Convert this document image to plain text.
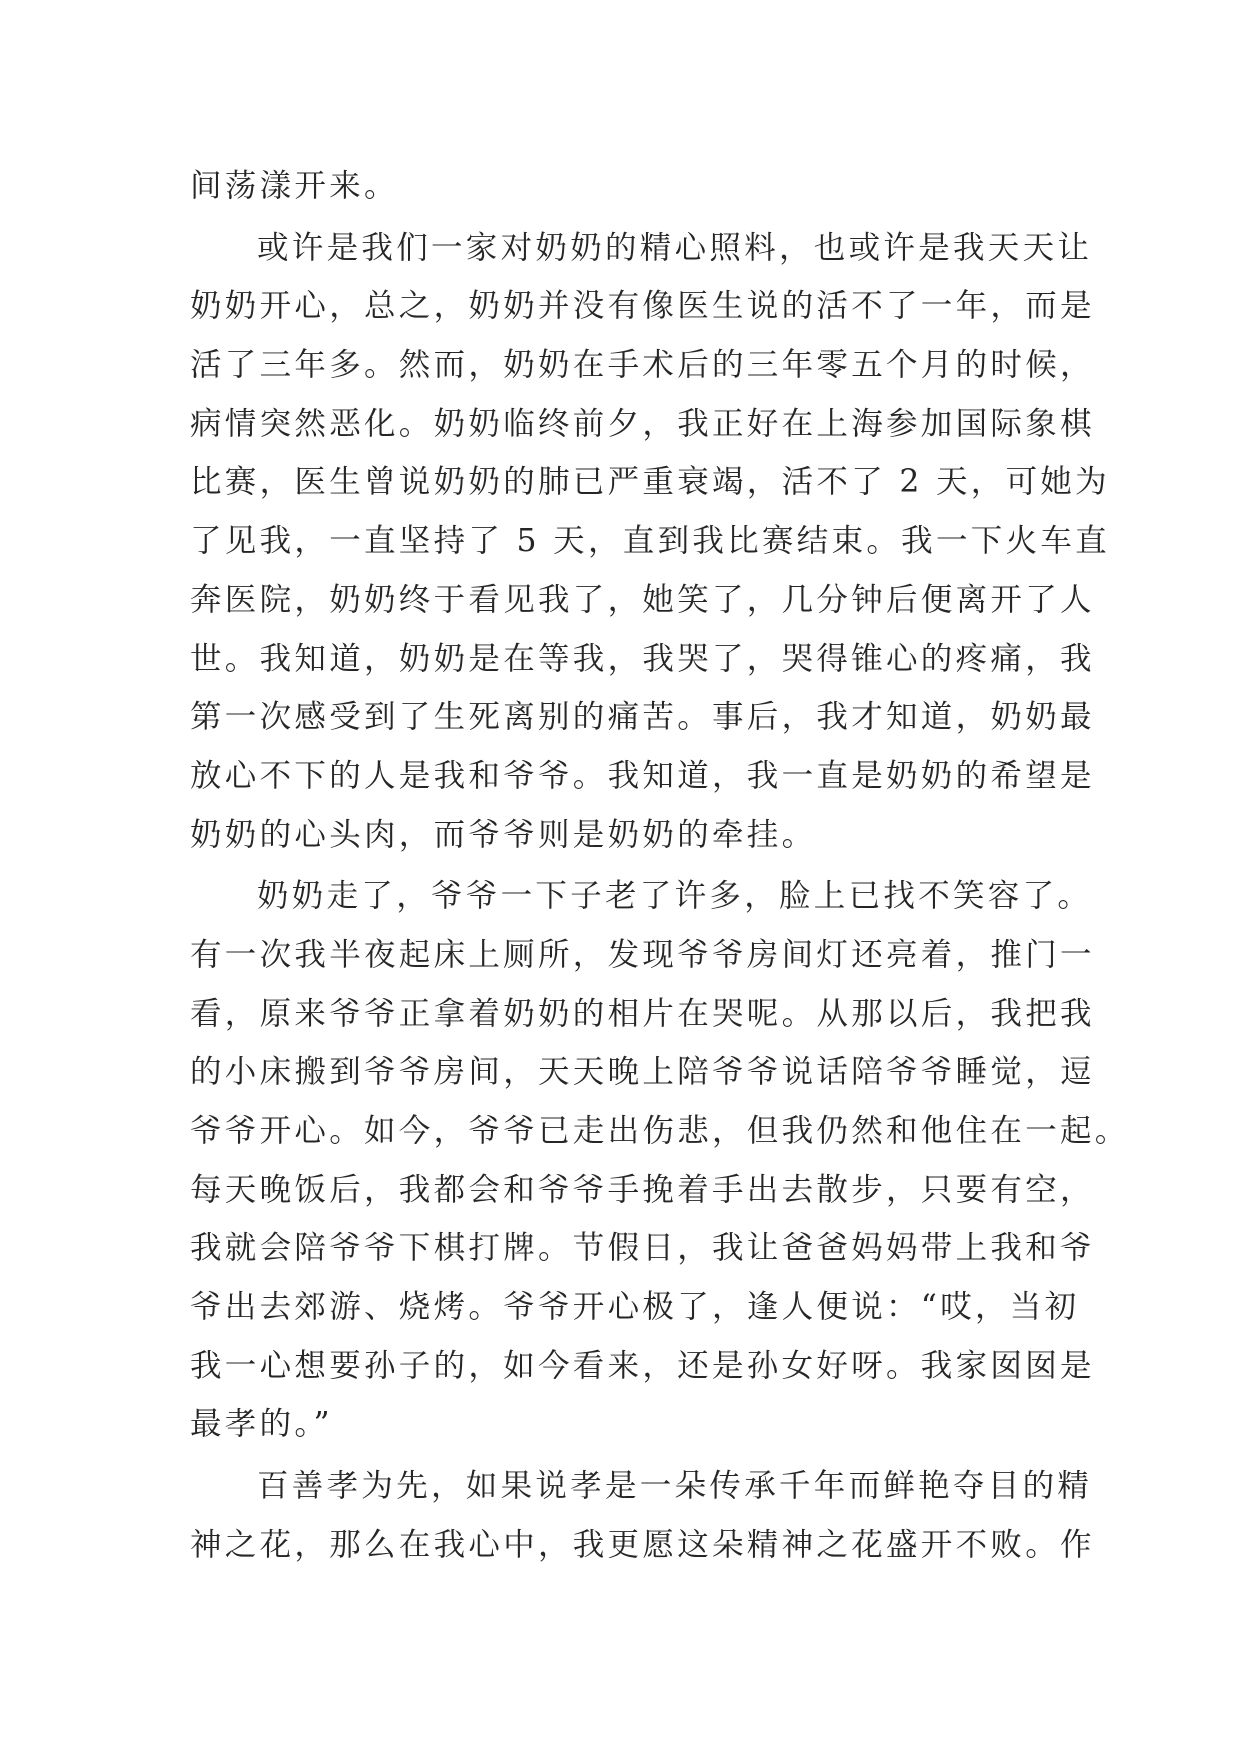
间荡漾开来。
或许是我们一家对奶奶的精心照料，也或许是我天天让
奶奶开心，总之，奶奶并没有像医生说的活不了一年，而是
活了三年多。然而，奶奶在手术后的三年零五个月的时候，
病情突然恶化。奶奶临终前夕，我正好在上海参加国际象棋
比赛，医生曾说奶奶的肺已严重衰竭，活不了 2 天，可她为
了见我，一直坚持了 5 天，直到我比赛结束。我一下火车直
奔医院，奶奶终于看见我了，她笑了，几分钟后便离开了人
世。我知道，奶奶是在等我，我哭了，哭得锥心的疼痛，我
第一次感受到了生死离别的痛苦。事后，我才知道，奶奶最
放心不下的人是我和爷爷。我知道，我一直是奶奶的希望是
奶奶的心头肉，而爷爷则是奶奶的牵挂。
奶奶走了，爷爷一下子老了许多，脸上已找不笑容了。
有一次我半夜起床上厕所，发现爷爷房间灯还亮着，推门一
看，原来爷爷正拿着奶奶的相片在哭呢。从那以后，我把我
的小床搬到爷爷房间，天天晚上陪爷爷说话陪爷爷睡觉，逗
爷爷开心。如今，爷爷已走出伤悲，但我仍然和他住在一起。
每天晚饭后，我都会和爷爷手挽着手出去散步，只要有空，
我就会陪爷爷下棋打牌。节假日，我让爸爸妈妈带上我和爷
爷出去郊游、烧烤。爷爷开心极了，逢人便说：“哎，当初
我一心想要孙子的，如今看来，还是孙女好呀。我家囡囡是
最孝的。”
百善孝为先，如果说孝是一朵传承千年而鲜艳夺目的精
神之花，那么在我心中，我更愿这朵精神之花盛开不败。作
